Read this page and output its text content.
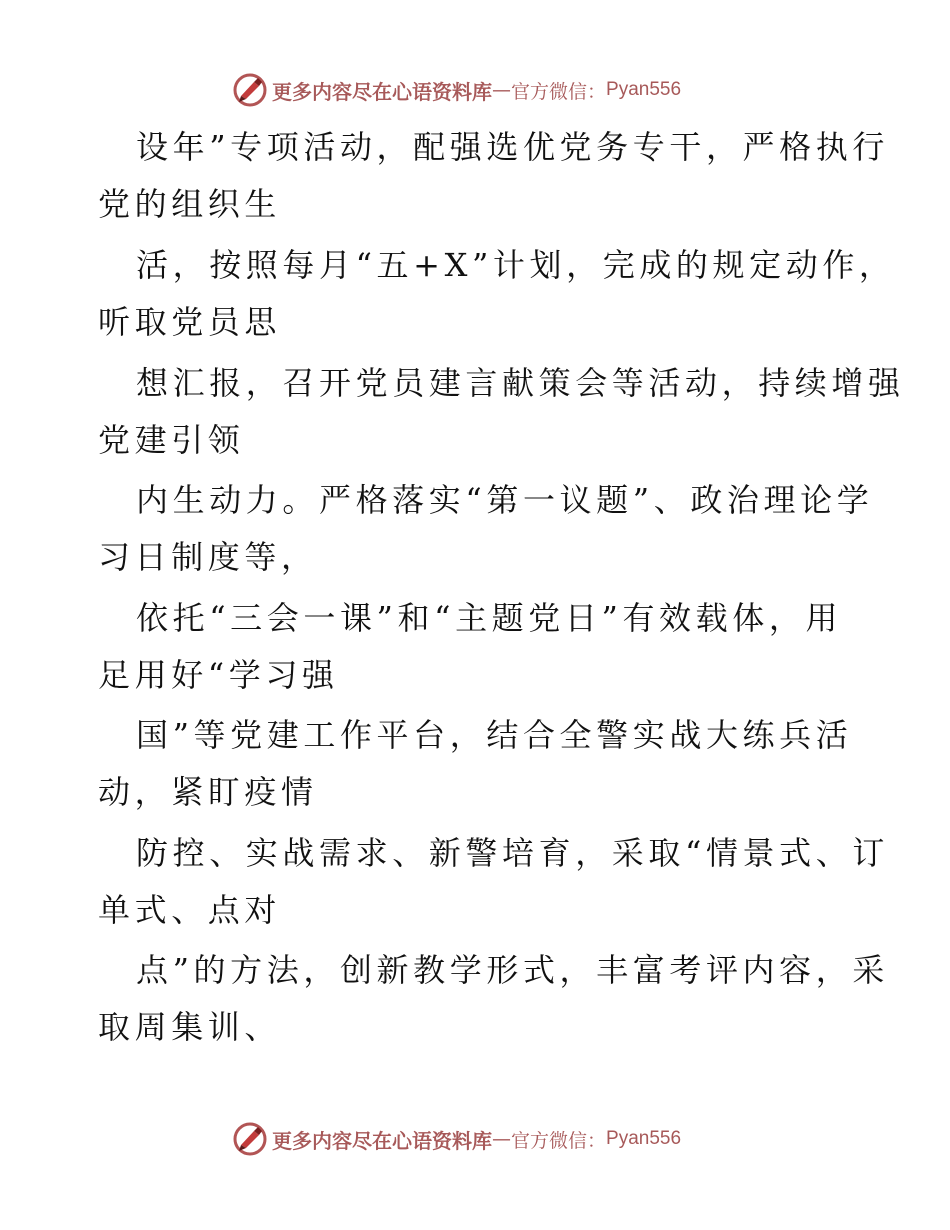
更多内容尽在心语资料库 — 官方微信： Pyan556
设年”专项活动，配强选优党务专干，严格执行
党的组织生
活，按照每月“五+X”计划，完成的规定动作，
听取党员思
想汇报，召开党员建言献策会等活动，持续增强
党建引领
内生动力。严格落实“第一议题”、政治理论学
习日制度等，
依托“三会一课”和“主题党日”有效载体，用
足用好“学习强
国”等党建工作平台，结合全警实战大练兵活
动，紧盯疫情
防控、实战需求、新警培育，采取“情景式、订
单式、点对
点”的方法，创新教学形式，丰富考评内容，采
取周集训、
更多内容尽在心语资料库 — 官方微信： Pyan556
